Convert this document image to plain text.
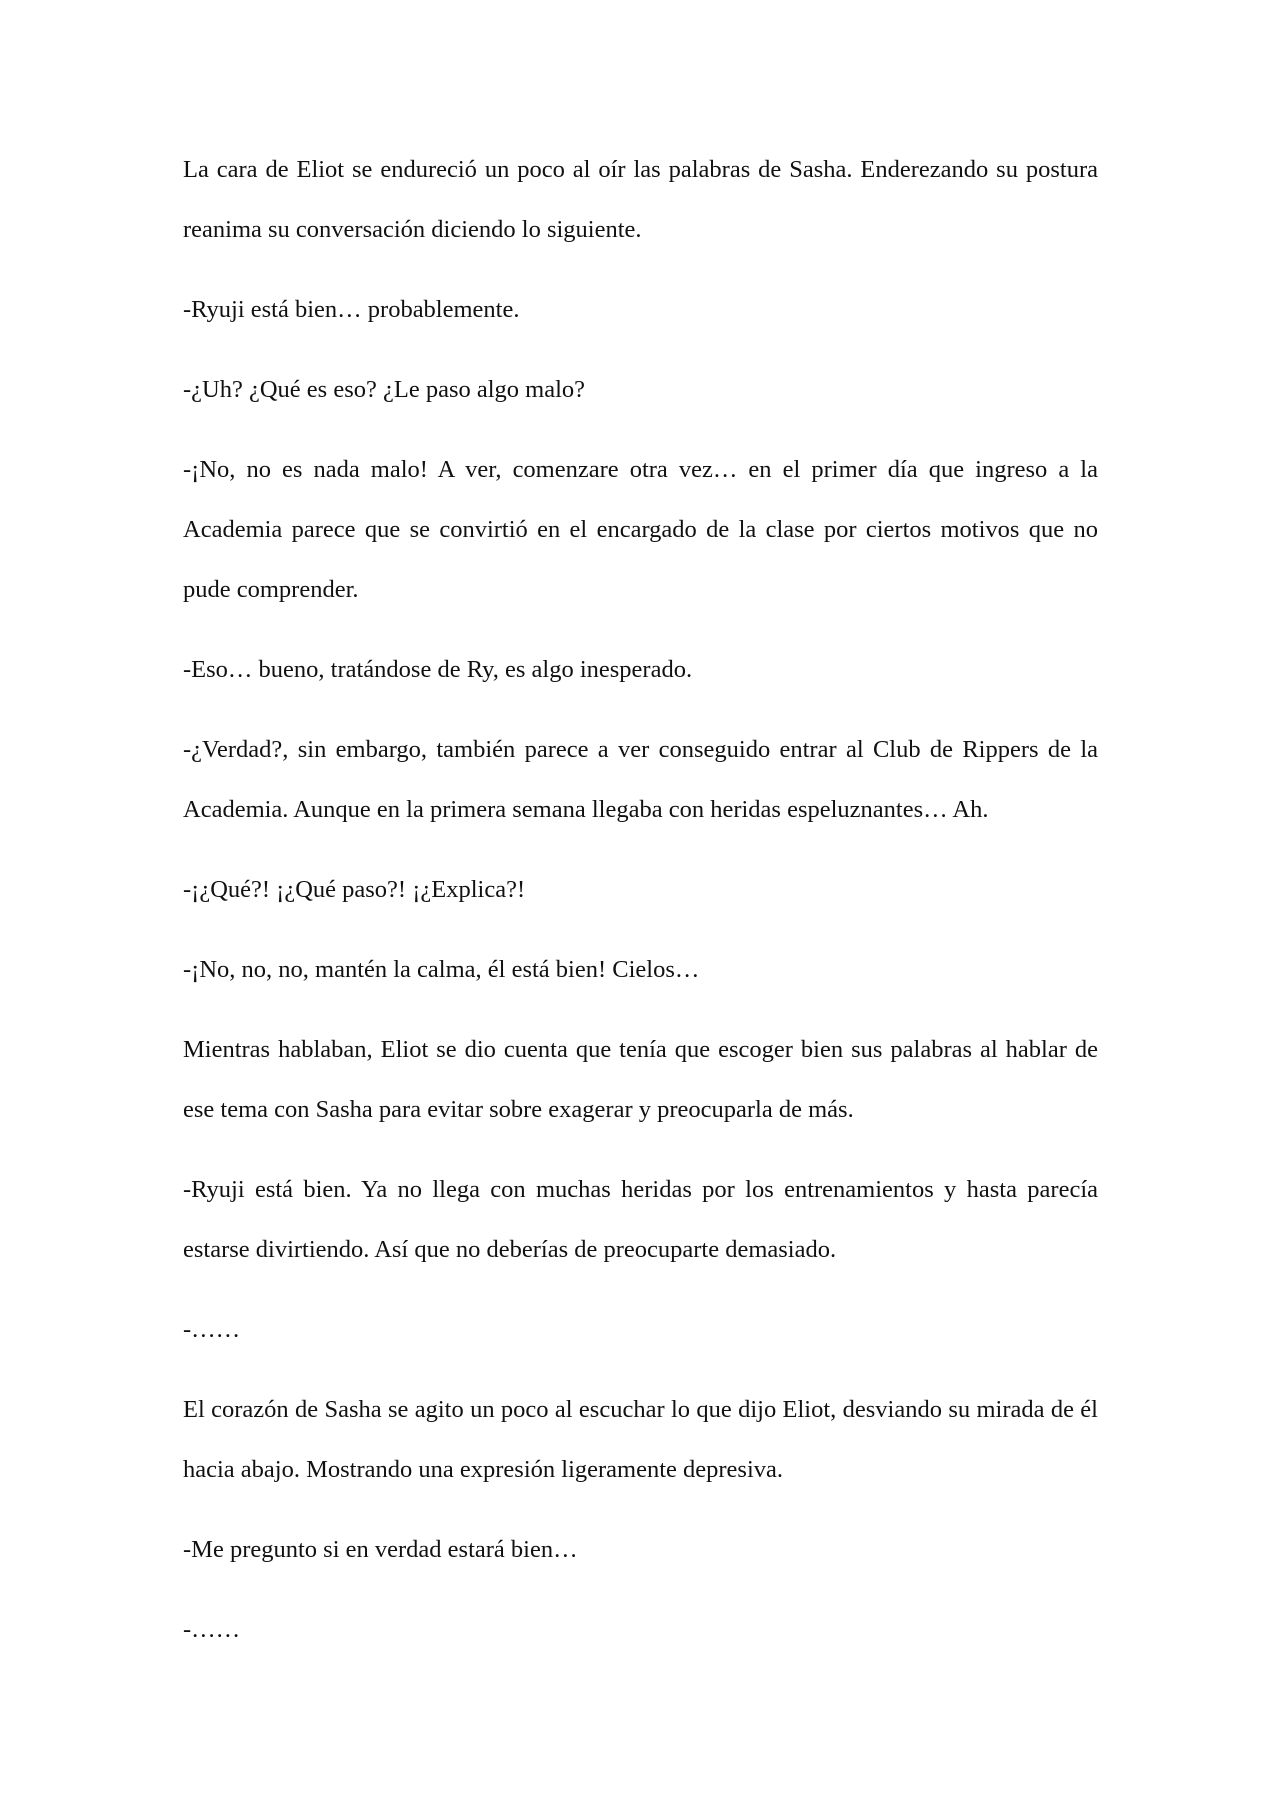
La cara de Eliot se endureció un poco al oír las palabras de Sasha. Enderezando su postura reanima su conversación diciendo lo siguiente.

-Ryuji está bien… probablemente.

-¿Uh? ¿Qué es eso? ¿Le paso algo malo?

-¡No, no es nada malo! A ver, comenzare otra vez… en el primer día que ingreso a la Academia parece que se convirtió en el encargado de la clase por ciertos motivos que no pude comprender.

-Eso… bueno, tratándose de Ry, es algo inesperado.

-¿Verdad?, sin embargo, también parece a ver conseguido entrar al Club de Rippers de la Academia. Aunque en la primera semana llegaba con heridas espeluznantes… Ah.

-¡¿Qué?! ¡¿Qué paso?! ¡¿Explica?!

-¡No, no, no, mantén la calma, él está bien! Cielos…

Mientras hablaban, Eliot se dio cuenta que tenía que escoger bien sus palabras al hablar de ese tema con Sasha para evitar sobre exagerar y preocuparla de más.

-Ryuji está bien. Ya no llega con muchas heridas por los entrenamientos y hasta parecía estarse divirtiendo. Así que no deberías de preocuparte demasiado.

-……

El corazón de Sasha se agito un poco al escuchar lo que dijo Eliot, desviando su mirada de él hacia abajo. Mostrando una expresión ligeramente depresiva.

-Me pregunto si en verdad estará bien…

-……
